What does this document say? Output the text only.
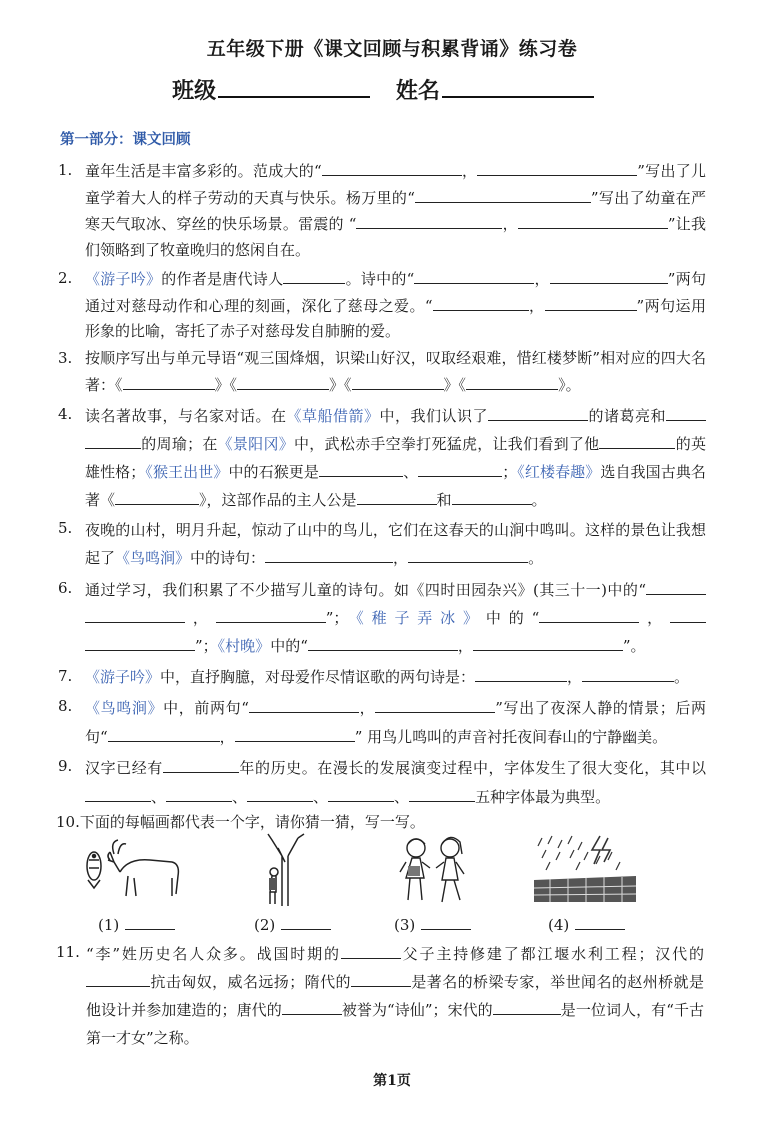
五年级下册《课文回顾与积累背诵》练习卷
班级	姓名
第一部分：课文回顾
1. 童年生活是丰富多彩的。范成大的“	，	”写出了儿童学着大人的样子劳动的天真与快乐。杨万里的“	”写出了幼童在严寒天气取冰、穿丝的快乐场景。雷震的 “	，	”让我们领略到了牧童晚归的悠闲自在。
2. 《游子吟》的作者是唐代诗人	。诗中的“	，	”两句通过对慈母动作和心理的刻画，深化了慈母之爱。“	，	”两句运用形象的比喻，寄托了赤子对慈母发自肺腑的爱。
3. 按顺序写出与单元导语“观三国烽烟，识梁山好汉，叹取经艰难，惜红楼梦断”相对应的四大名著：《	》《	》《	》《	》。
4. 读名著故事，与名家对话。在《草船借箭》中，我们认识了	的诸葛亮和的周瑜；在《景阳冈》中，武松赤手空拳打死猛虎，让我们看到了他	的英雄性格；《猴王出世》中的石猴更是	、	；《红楼春趣》选自我国古典名著《	》，这部作品的主人公是	和	。
5. 夜晚的山村，明月升起，惊动了山中的鸟儿，它们在这春天的山涧中鸣叫。这样的景色让我想起了《鸟鸣涧》中的诗句：	，	。
6. 通过学习，我们积累了不少描写儿童的诗句。如《四时田园杂兴》(其三十一)中的“，	”；《稚子弄冰》中的“	，”；《村晚》中的“	，	”。
7. 《游子吟》中，直抒胸臆，对母爱作尽情讴歌的两句诗是：	，	。
8. 《鸟鸣涧》中，前两句“	，	”写出了夜深人静的情景；后两句“	，	” 用鸟儿鸣叫的声音衬托夜间春山的宁静幽美。
9. 汉字已经有	年的历史。在漫长的发展演变过程中，字体发生了很大变化，其中以、	、	、	、	五种字体最为典型。
10.下面的每幅画都代表一个字，请你猜一猜，写一写。
11. “李”姓历史名人众多。战国时期的	父子主持修建了都江堰水利工程；汉代的抗击匈奴，威名远扬；隋代的	是著名的桥梁专家，举世闻名的赵州桥就是他设计并参加建造的；唐代的	被誉为“诗仙”；宋代的	是一位词人，有“千古第一才女”之称。
(1)	(2)	(3)	(4)
第1页
